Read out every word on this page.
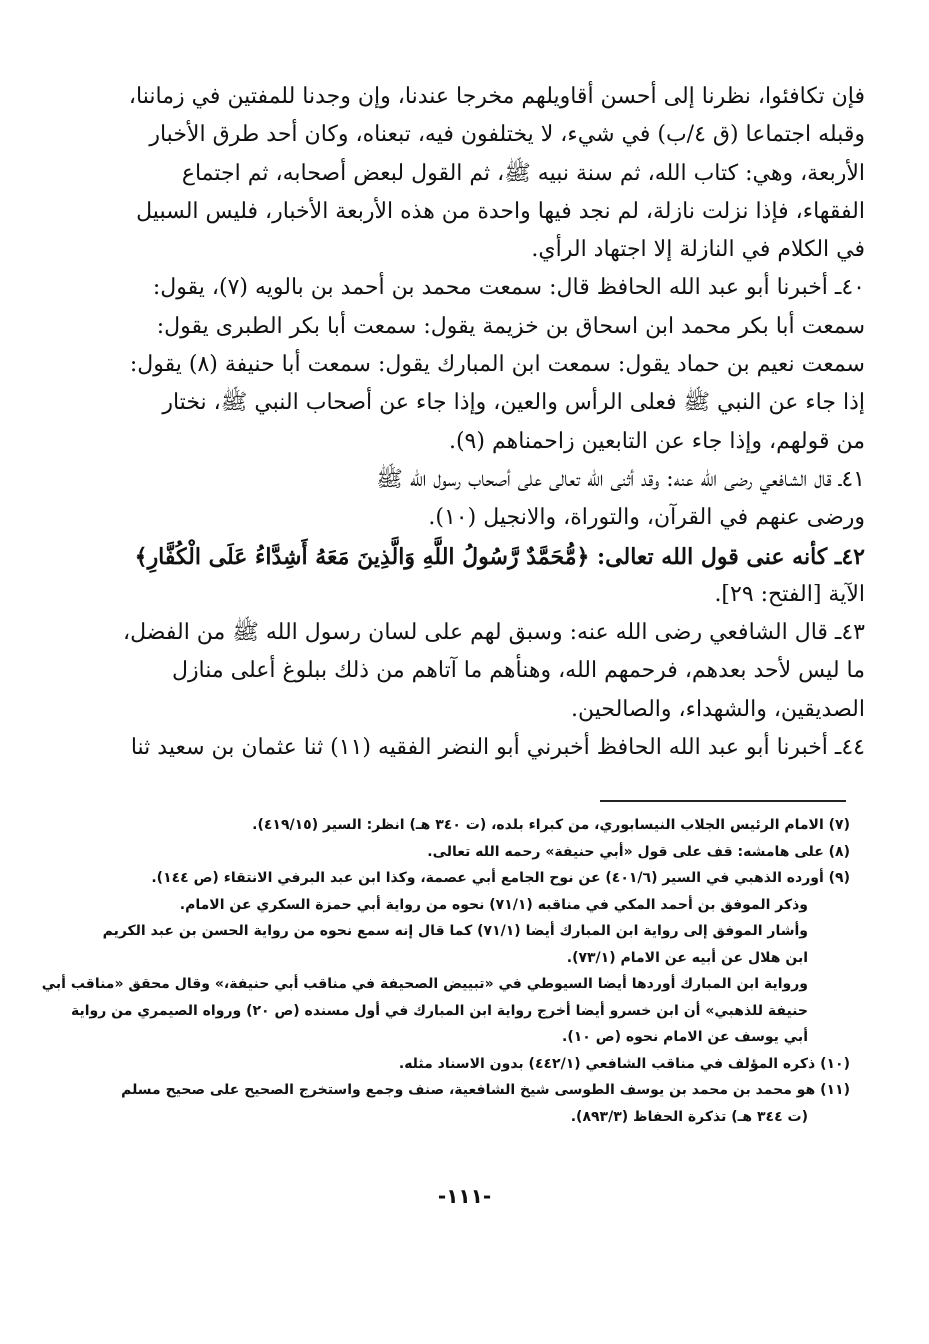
فإن تكافئوا، نظرنا إلى أحسن أقاويلهم مخرجا عندنا، وإن وجدنا للمفتين في زماننا،
وقبله اجتماعا (ق ٤/ب) في شيء، لا يختلفون فيه، تبعناه، وكان أحد طرق الأخبار
الأربعة، وهي: كتاب الله، ثم سنة نبيه ﷺ، ثم القول لبعض أصحابه، ثم اجتماع
الفقهاء، فإذا نزلت نازلة، لم نجد فيها واحدة من هذه الأربعة الأخبار، فليس السبيل
في الكلام في النازلة إلا اجتهاد الرأي.
٤٠ـ أخبرنا أبو عبد الله الحافظ قال: سمعت محمد بن أحمد بن بالويه (٧)، يقول:
سمعت أبا بكر محمد ابن اسحاق بن خزيمة يقول: سمعت أبا بكر الطبرى يقول:
سمعت نعيم بن حماد يقول: سمعت ابن المبارك يقول: سمعت أبا حنيفة (٨) يقول:
إذا جاء عن النبي ﷺ فعلى الرأس والعين، وإذا جاء عن أصحاب النبي ﷺ، نختار
من قولهم، وإذا جاء عن التابعين زاحمناهم (٩).
٤١ـ قال الشافعي رضى الله عنه: وقد أثنى الله تعالى على أصحاب رسول الله ﷺ
ورضى عنهم في القرآن، والتوراة، والانجيل (١٠).
٤٢ـ كأنه عنى قول الله تعالى: ﴿مُّحَمَّدٌ رَّسُولُ اللَّهِ وَالَّذِينَ مَعَهُ أَشِدَّاءُ عَلَى الْكُفَّارِ﴾
الآية [الفتح: ٢٩].
٤٣ـ قال الشافعي رضى الله عنه: وسبق لهم على لسان رسول الله ﷺ من الفضل،
ما ليس لأحد بعدهم، فرحمهم الله، وهنأهم ما آتاهم من ذلك ببلوغ أعلى منازل
الصديقين، والشهداء، والصالحين.
٤٤ـ أخبرنا أبو عبد الله الحافظ أخبرني أبو النضر الفقيه (١١) ثنا عثمان بن سعيد ثنا
(٧) الامام الرئيس الجلاب النيسابوري، من كبراء بلده، (ت ٣٤٠ هـ) انظر: السير (٤١٩/١٥).
(٨) على هامشه: قف على قول «أبي حنيفة» رحمه الله تعالى.
(٩) أورده الذهبي في السير (٤٠١/٦) عن نوح الجامع أبي عصمة، وكذا ابن عبد البرفي الانتقاء (ص ١٤٤).
وذكر الموفق بن أحمد المكي في مناقبه (٧١/١) نحوه من رواية أبي حمزة السكري عن الامام.
وأشار الموفق إلى رواية ابن المبارك أيضا (٧١/١) كما قال إنه سمع نحوه من رواية الحسن بن عبد الكريم
ابن هلال عن أبيه عن الامام (٧٣/١).
ورواية ابن المبارك أوردها أيضا السيوطي في «تبييض الصحيفة في مناقب أبي حنيفة،» وقال محقق «مناقب أبي
حنيفة للذهبي» أن ابن خسرو أيضا أخرج رواية ابن المبارك في أول مسنده (ص ٢٠) ورواه الصيمري من رواية
أبي يوسف عن الامام نحوه (ص ١٠).
(١٠) ذكره المؤلف في مناقب الشافعي (٤٤٢/١) بدون الاسناد مثله.
(١١) هو محمد بن محمد بن يوسف الطوسى شيخ الشافعية، صنف وجمع واستخرج الصحيح على صحيح مسلم
(ت ٣٤٤ هـ) تذكرة الحفاظ (٨٩٣/٣).
-١١١-
